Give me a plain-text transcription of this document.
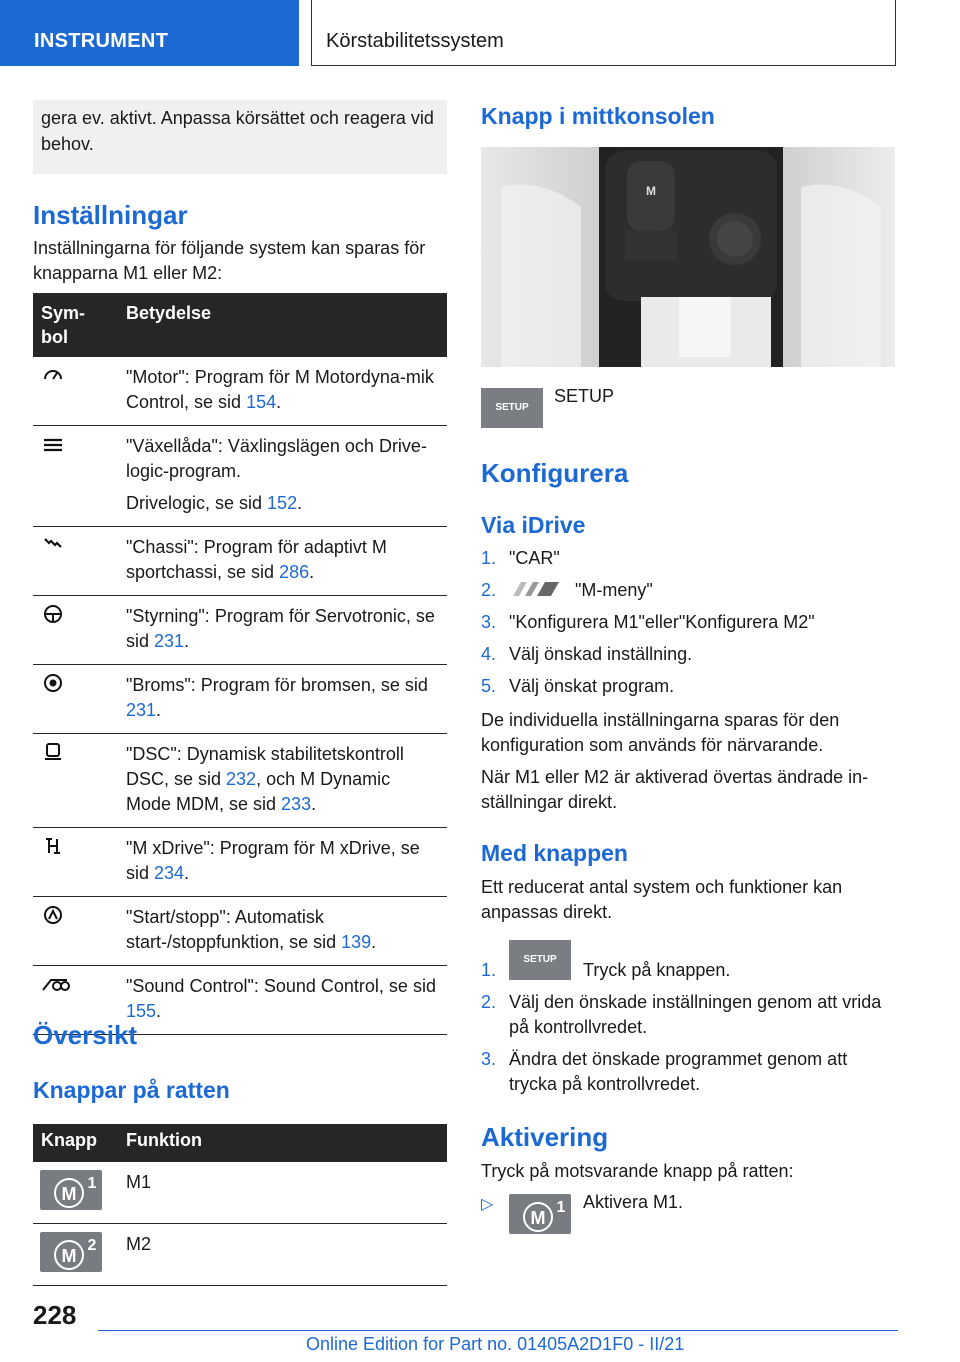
INSTRUMENT	Körstabilitetssystem
gera ev. aktivt. Anpassa körsättet och reagera vid behov.
Inställningar

Inställningarna för följande system kan sparas för knapparna M1 eller M2:

Sym-
bol	Betydelse
	"Motor": Program för M Motordyna-mik Control, se sid 154.

"Växellåda": Växlingslägen och Drive-logic-program.
Drivelogic, se sid 152.

	"Chassi": Program för adaptivt M sportchassi, se sid 286.
	"Styrning": Program för Servotronic, se sid 231.
	"Broms": Program för bromsen, se sid 231.
	"DSC": Dynamisk stabilitetskontroll DSC, se sid 232, och M Dynamic Mode MDM, se sid 233.
	"M xDrive": Program för M xDrive, se sid 234.
	"Start/stopp": Automatisk start-/stoppfunktion, se sid 139.
	"Sound Control": Sound Control, se sid 155.
Översikt
Knappar på ratten
Knapp	Funktion

M
1	M1

M
2	M2
Knapp i mittkonsolen
M
SETUP

SETUP

Konfigurera
Via iDrive
1. "CAR"
2.	"M-meny"
3. "Konfigurera M1"eller"Konfigurera M2"
4. Välj önskad inställning.
5. Välj önskat program.

De individuella inställningarna sparas för den konfiguration som används för närvarande.

När M1 eller M2 är aktiverad övertas ändrade in-ställningar direkt.

Med knappen

Ett reducerat antal system och funktioner kan anpassas direkt.

1.
SETUP
Tryck på knappen.
2. Välj den önskade inställningen genom att vrida på kontrollvredet.
3. Ändra det önskade programmet genom att trycka på kontrollvredet.
Aktivering

Tryck på motsvarande knapp på ratten:

▷
M
1 Aktivera M1.
228
Online Edition for Part no. 01405A2D1F0 - II/21
